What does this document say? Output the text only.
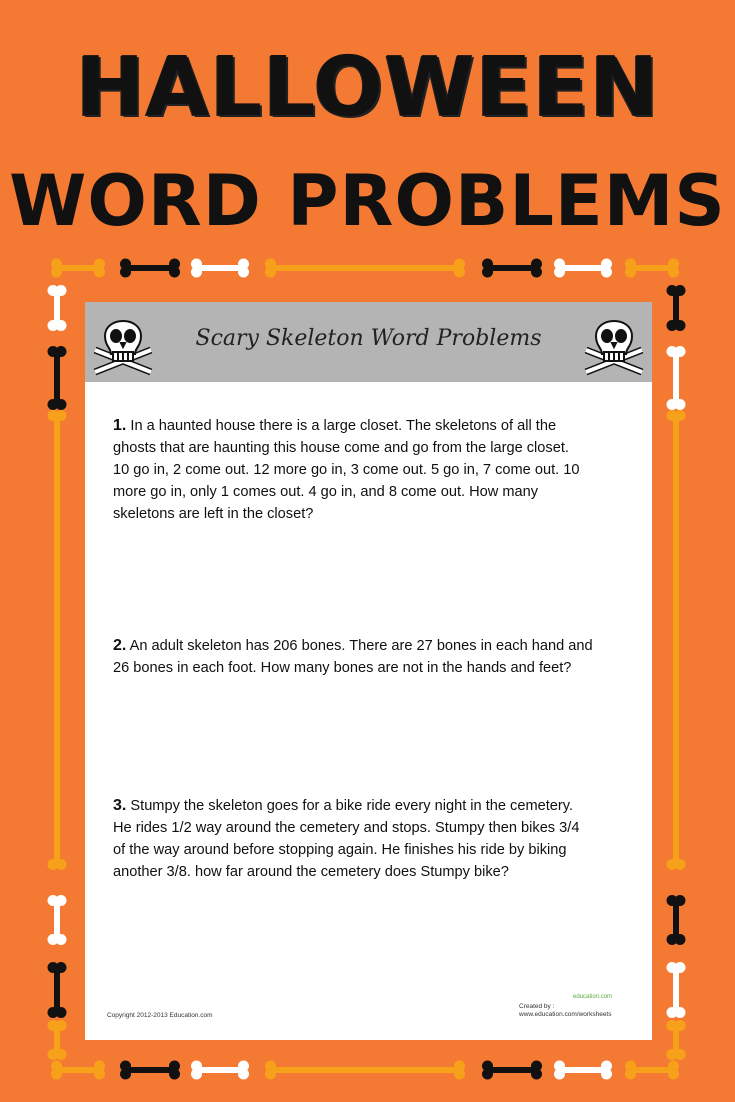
HALLOWEEN
WORD PROBLEMS
Scary Skeleton Word Problems
1. In a haunted house there is a large closet. The skeletons of all the
ghosts that are haunting this house come and go from the large closet.
10 go in, 2 come out. 12 more go in, 3 come out. 5 go in, 7 come out. 10
more go in, only 1 comes out. 4 go in, and 8 come out. How many
skeletons are left in the closet?
2. An adult skeleton has 206 bones. There are 27 bones in each hand and
26 bones in each foot. How many bones are not in the hands and feet?
3. Stumpy the skeleton goes for a bike ride every night in the cemetery.
He rides 1/2 way around the cemetery and stops. Stumpy then bikes 3/4
of the way around before stopping again. He finishes his ride by biking
another 3/8. how far around the cemetery does Stumpy bike?
Copyright 2012-2013 Education.com
education.com
Created by :
www.education.com/worksheets
